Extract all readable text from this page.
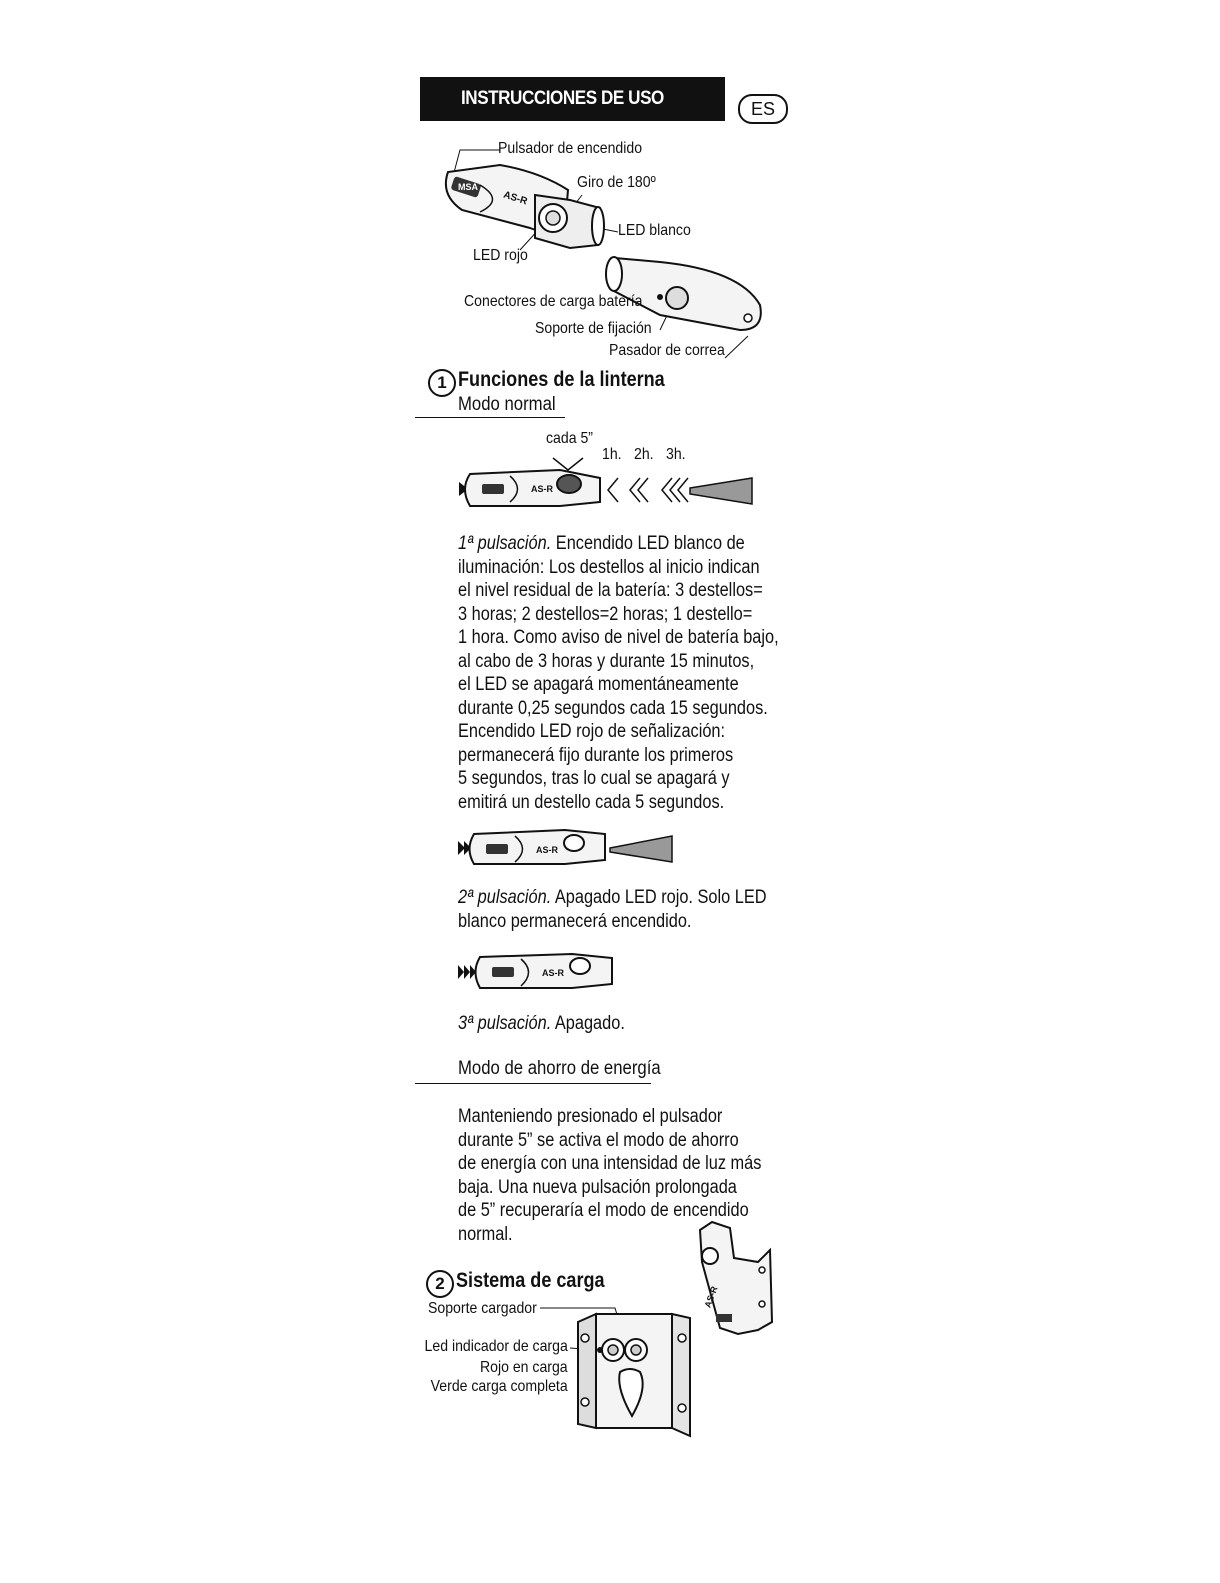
INSTRUCCIONES DE USO	ES
Pulsador de encendido
Giro de 180º
LED blanco
LED rojo
Conectores de carga batería
Soporte de fijación
Pasador de correa
MSA
AS-R
1 Funciones de la linterna
Modo normal
cada 5”
1h. 2h. 3h.
AS-R
AS-R
AS-R
1ª pulsación. Encendido LED blanco de
iluminación: Los destellos al inicio indican
el nivel residual de la batería: 3 destellos=
3 horas; 2 destellos=2 horas; 1 destello=
1 hora. Como aviso de nivel de batería bajo,
al cabo de 3 horas y durante 15 minutos,
el LED se apagará momentáneamente
durante 0,25 segundos cada 15 segundos.
Encendido LED rojo de señalización:
permanecerá fijo durante los primeros
5 segundos, tras lo cual se apagará y
emitirá un destello cada 5 segundos.
2ª pulsación. Apagado LED rojo. Solo LED
blanco permanecerá encendido.
3ª pulsación. Apagado.
Modo de ahorro de energía
Manteniendo presionado el pulsador
durante 5” se activa el modo de ahorro
de energía con una intensidad de luz más
baja. Una nueva pulsación prolongada
de 5” recuperaría el modo de encendido
normal.
2 Sistema de carga
Soporte cargador
Led indicador de carga
Rojo en carga
Verde carga completa
AS-R
